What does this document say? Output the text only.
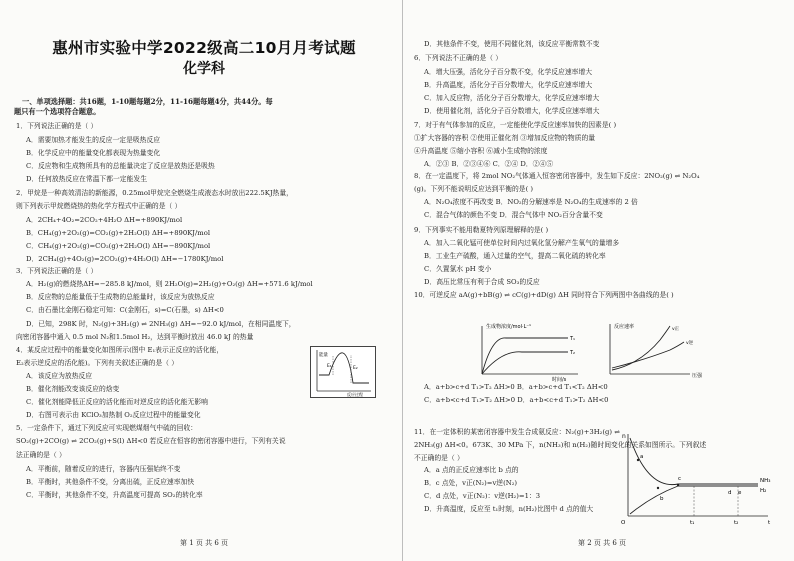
惠州市实验中学2022级高二10月月考试题
化学科
一、单项选择题：共16题，1-10题每题2分，11-16题每题4分，共44分。每
题只有一个选项符合题意。
1．下列说法正确的是（ ）
A．需要加热才能发生的反应一定是吸热反应
B．化学反应中的能量变化都表现为热量变化
C．反应物和生成物所具有的总能量决定了反应是放热还是吸热
D．任何放热反应在常温下都一定能发生
2．甲烷是一种高效清洁的新能源，0.25mol甲烷完全燃烧生成液态水时放出222.5KJ热量，
则下列表示甲烷燃烧热的热化学方程式中正确的是（ ）
A．2CH₄+4O₂=2CO₂+4H₂O ΔH=+890KJ/mol
B．CH₄(g)+2O₂(g)=CO₂(g)+2H₂O(l) ΔH=+890KJ/mol
C．CH₄(g)+2O₂(g)=CO₂(g)+2H₂O(l) ΔH=−890KJ/mol
D．2CH₄(g)+4O₂(g)=2CO₂(g)+4H₂O(l) ΔH=−1780KJ/mol
3．下列说法正确的是（ ）
A．H₂(g)的燃烧热ΔH=−285.8 kJ/mol，则 2H₂O(g)=2H₂(g)+O₂(g) ΔH=+571.6 kJ/mol
B．反应物的总能量低于生成物的总能量时，该反应为放热反应
C．由石墨比金刚石稳定可知：C(金刚石，s)=C(石墨，s) ΔH<0
D．已知，298K 时，N₂(g)+3H₂(g) ⇌ 2NH₃(g) ΔH=−92.0 kJ/mol，在相同温度下，
向密闭容器中通入 0.5 mol N₂和1.5mol H₂，达到平衡时放出 46.0 kJ 的热量
4．某反应过程中的能量变化如图所示(图中 E₁表示正反应的活化能，
E₂表示逆反应的活化能)。下列有关叙述正确的是（ ）
A．该反应为放热反应
B．催化剂能改变该反应的焓变
C．催化剂能降低正反应的活化能而对逆反应的活化能无影响
D．右图可表示由 KClO₃加热制 O₂反应过程中的能量变化
5．一定条件下，通过下列反应可实现燃煤烟气中硫的回收：
SO₂(g)+2CO(g) ⇌ 2CO₂(g)+S(l) ΔH<0 若反应在恒容的密闭容器中进行，下列有关说
法正确的是（ ）
A．平衡前，随着反应的进行，容器内压强始终不变
B．平衡时，其他条件不变，分离出硫，正反应速率加快
C．平衡时，其他条件不变，升高温度可提高 SO₂的转化率
能量
反应过程
E₁	E₂
第 1 页 共 6 页
D．其他条件不变，使用不同催化剂，该反应平衡常数不变
6．下列说法不正确的是（ ）
A．增大压强，活化分子百分数不变，化学反应速率增大
B．升高温度，活化分子百分数增大，化学反应速率增大
C．加入反应物，活化分子百分数增大，化学反应速率增大
D．使用催化剂，活化分子百分数增大，化学反应速率增大
7．对于有气体参加的反应，一定能使化学反应速率加快的因素是( )
①扩大容器的容积 ②使用正催化剂 ③增加反应物的物质的量
④升高温度 ⑤缩小容积 ⑥减小生成物的浓度
A．②③ B．②③④⑥ C．②④ D．②④⑤
8．在一定温度下，将 2mol NO₂气体通入恒容密闭容器中，发生如下反应：2NO₂(g) ⇌ N₂O₄
(g)。下列不能说明反应达到平衡的是( )
A．N₂O₄浓度不再改变 B．NO₂的分解速率是 N₂O₄的生成速率的 2 倍
C．混合气体的颜色不变 D．混合气体中 NO₂百分含量不变
9．下列事实不能用勒夏特列原理解释的是( )
A．加入二氧化锰可使单位时间内过氧化氢分解产生氧气的量增多
B．工业生产硫酸，通入过量的空气，提高二氧化硫的转化率
C．久置氯水 pH 变小
D．高压比常压有利于合成 SO₃的反应
10．可逆反应 aA(g)+bB(g) ⇌ cC(g)+dD(g) ΔH 同时符合下列两图中各曲线的是( )
A．a+b>c+d T₁>T₂ ΔH>0 B．a+b>c+d T₁<T₂ ΔH<0
C．a+b<c+d T₁>T₂ ΔH>0 D．a+b<c+d T₁>T₂ ΔH<0
11．在一定体积的某密闭容器中发生合成氨反应：N₂(g)+3H₂(g) ⇌
2NH₃(g) ΔH<0。673K、30 MPa 下，n(NH₃)和 n(H₂)随时间变化的关系如图所示。下列叙述
不正确的是（ ）
A．a 点的正反应速率比 b 点的
B．c 点处，v正(N₂)=v逆(N₂)
C．d 点处，v正(N₂)：v逆(H₂)=1：3
D．升高温度，反应至 t₁时刻，n(H₂)比图中 d 点的值大
生成物浓度/mol·L⁻¹
时间/s
T₁
T₂
反应速率
压强
v正
v逆
n
a
b
c
d e
t₁	t₂
NH₃
H₂
O	t
第 2 页 共 6 页
